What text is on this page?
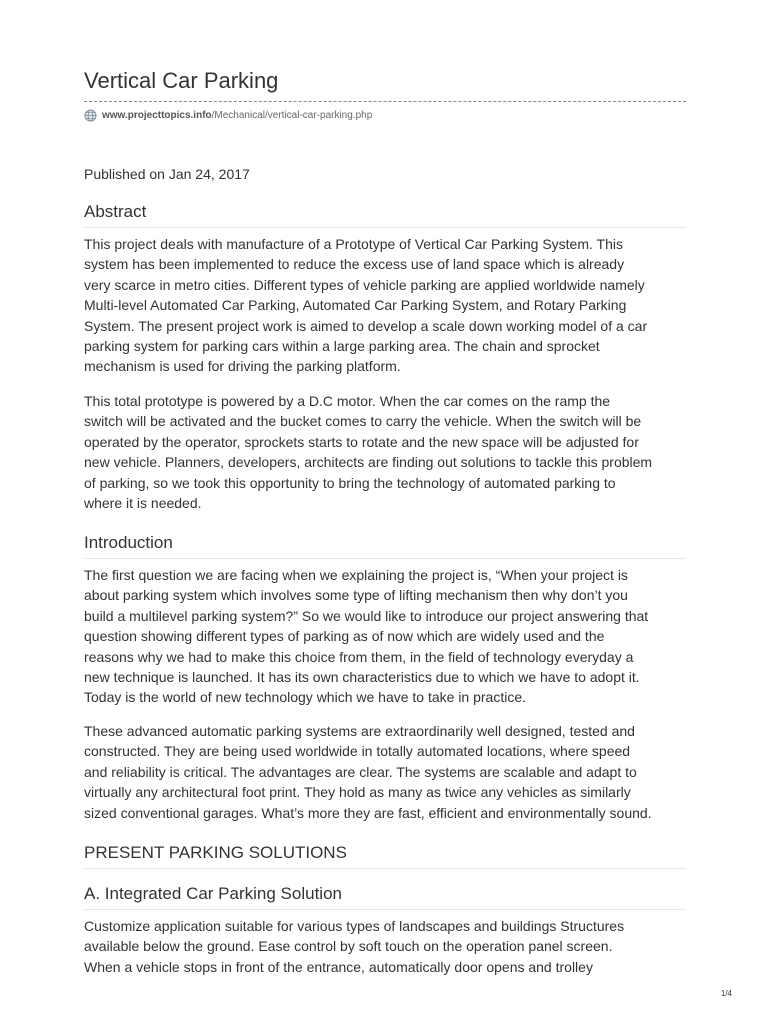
Vertical Car Parking
www.projecttopics.info /Mechanical/vertical-car-parking.php
Published on Jan 24, 2017
Abstract
This project deals with manufacture of a Prototype of Vertical Car Parking System. This
system has been implemented to reduce the excess use of land space which is already
very scarce in metro cities. Different types of vehicle parking are applied worldwide namely
Multi-level Automated Car Parking, Automated Car Parking System, and Rotary Parking
System. The present project work is aimed to develop a scale down working model of a car
parking system for parking cars within a large parking area. The chain and sprocket
mechanism is used for driving the parking platform.
This total prototype is powered by a D.C motor. When the car comes on the ramp the
switch will be activated and the bucket comes to carry the vehicle. When the switch will be
operated by the operator, sprockets starts to rotate and the new space will be adjusted for
new vehicle. Planners, developers, architects are finding out solutions to tackle this problem
of parking, so we took this opportunity to bring the technology of automated parking to
where it is needed.
Introduction
The first question we are facing when we explaining the project is, “When your project is
about parking system which involves some type of lifting mechanism then why don’t you
build a multilevel parking system?” So we would like to introduce our project answering that
question showing different types of parking as of now which are widely used and the
reasons why we had to make this choice from them, in the field of technology everyday a
new technique is launched. It has its own characteristics due to which we have to adopt it.
Today is the world of new technology which we have to take in practice.
These advanced automatic parking systems are extraordinarily well designed, tested and
constructed. They are being used worldwide in totally automated locations, where speed
and reliability is critical. The advantages are clear. The systems are scalable and adapt to
virtually any architectural foot print. They hold as many as twice any vehicles as similarly
sized conventional garages. What’s more they are fast, efficient and environmentally sound.
PRESENT PARKING SOLUTIONS
A. Integrated Car Parking Solution
Customize application suitable for various types of landscapes and buildings Structures
available below the ground. Ease control by soft touch on the operation panel screen.
When a vehicle stops in front of the entrance, automatically door opens and trolley
1/4
